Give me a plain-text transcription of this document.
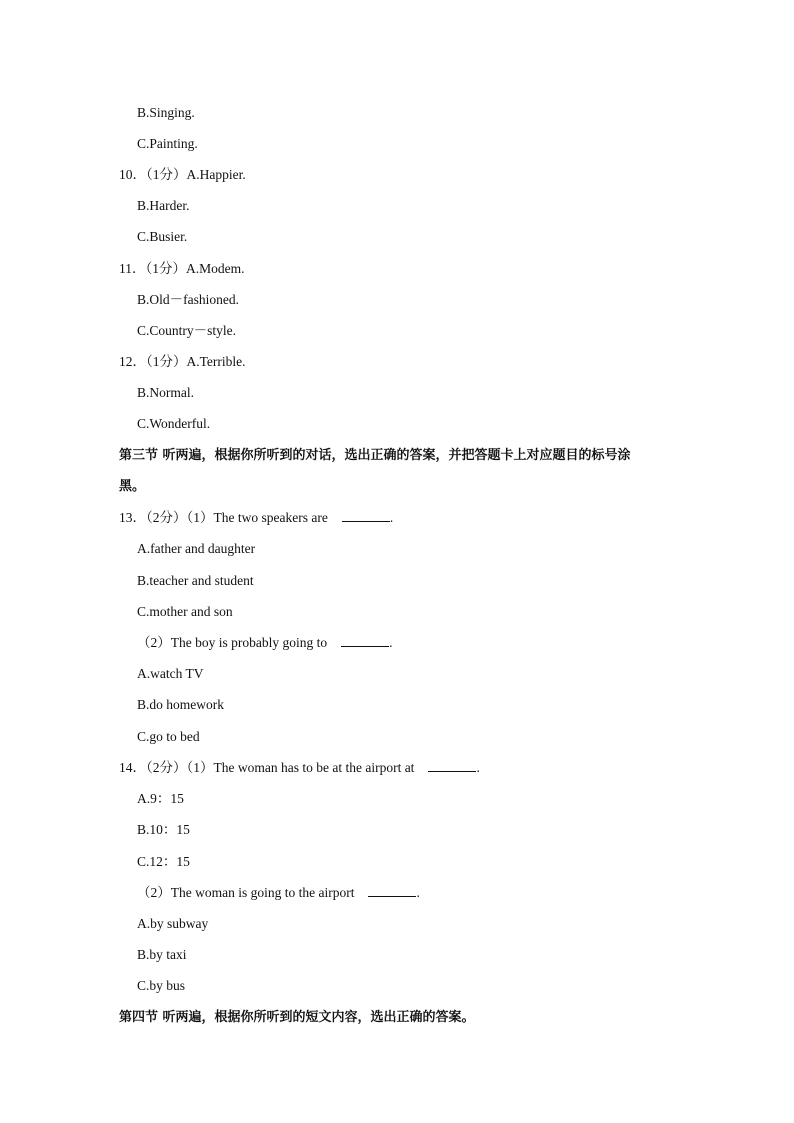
B.Singing.
C.Painting.
10．（1分）A.Happier.
B.Harder.
C.Busier.
11．（1分）A.Modem.
B.Old－fashioned.
C.Country－style.
12．（1分）A.Terrible.
B.Normal.
C.Wonderful.
第三节 听两遍，根据你所听到的对话，选出正确的答案，并把答题卡上对应题目的标号涂
黑。
13．（2分）（1）The two speakers are	.
A.father and daughter
B.teacher and student
C.mother and son
（2）The boy is probably going to	.
A.watch TV
B.do homework
C.go to bed
14．（2分）（1）The woman has to be at the airport at	.
A.9：15
B.10：15
C.12：15
（2）The woman is going to the airport	.
A.by subway
B.by taxi
C.by bus
第四节 听两遍，根据你所听到的短文内容，选出正确的答案。
